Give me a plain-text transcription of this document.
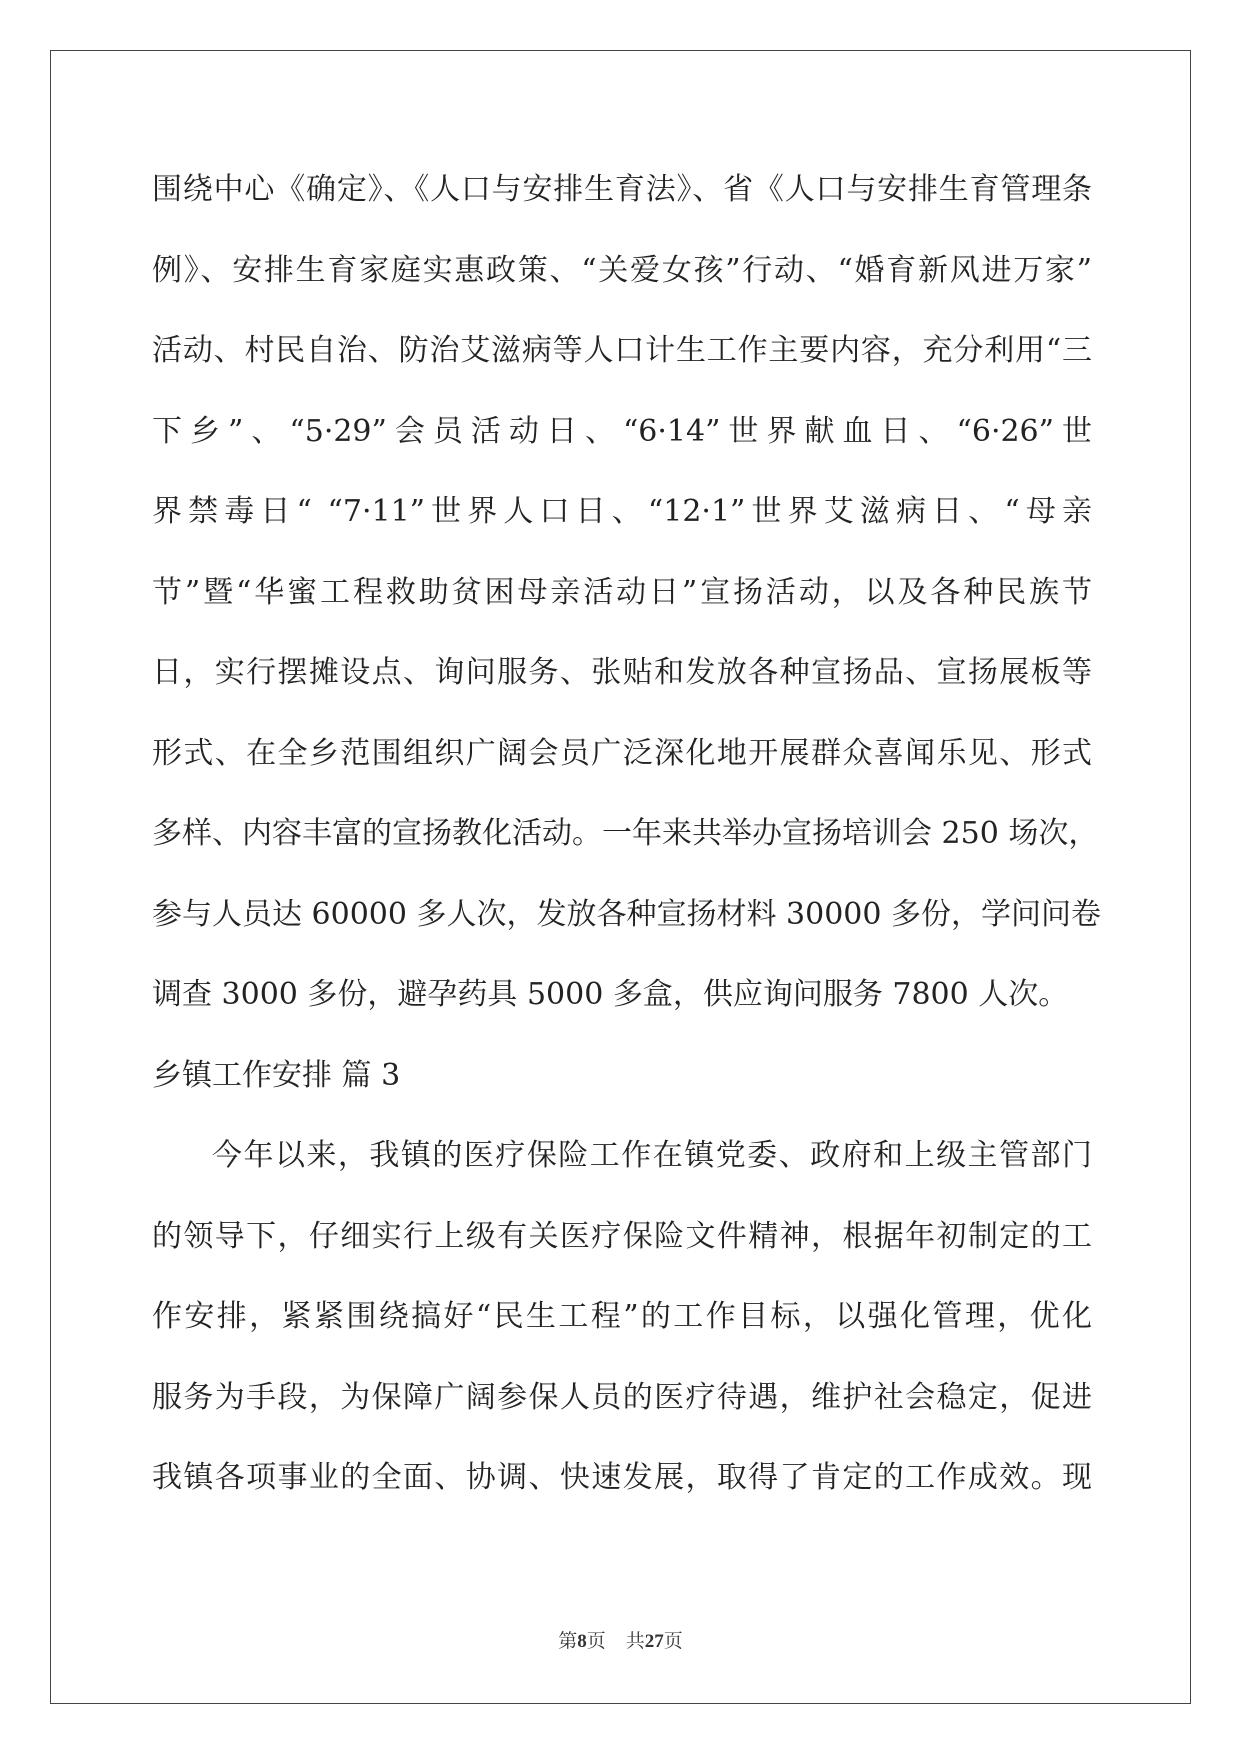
围绕中心《确定》、《人口与安排生育法》、省《人口与安排生育管理条
例》、安排生育家庭实惠政策、“关爱女孩”行动、“婚育新风进万家”
活动、村民自治、防治艾滋病等人口计生工作主要内容，充分利用“三
下乡”、“5·29”会员活动日、“6·14”世界献血日、“6·26”世
界禁毒日“ “7·11”世界人口日、“12·1”世界艾滋病日、“母亲
节”暨“华蜜工程救助贫困母亲活动日”宣扬活动，以及各种民族节
日，实行摆摊设点、询问服务、张贴和发放各种宣扬品、宣扬展板等
形式、在全乡范围组织广阔会员广泛深化地开展群众喜闻乐见、形式
多样、内容丰富的宣扬教化活动。一年来共举办宣扬培训会 250 场次，
参与人员达 60000 多人次，发放各种宣扬材料 30000 多份，学问问卷
调查 3000 多份，避孕药具 5000 多盒，供应询问服务 7800 人次。
乡镇工作安排 篇 3
今年以来，我镇的医疗保险工作在镇党委、政府和上级主管部门
的领导下，仔细实行上级有关医疗保险文件精神，根据年初制定的工
作安排，紧紧围绕搞好“民生工程”的工作目标，以强化管理，优化
服务为手段，为保障广阔参保人员的医疗待遇，维护社会稳定，促进
我镇各项事业的全面、协调、快速发展，取得了肯定的工作成效。现
第8页 共27页
